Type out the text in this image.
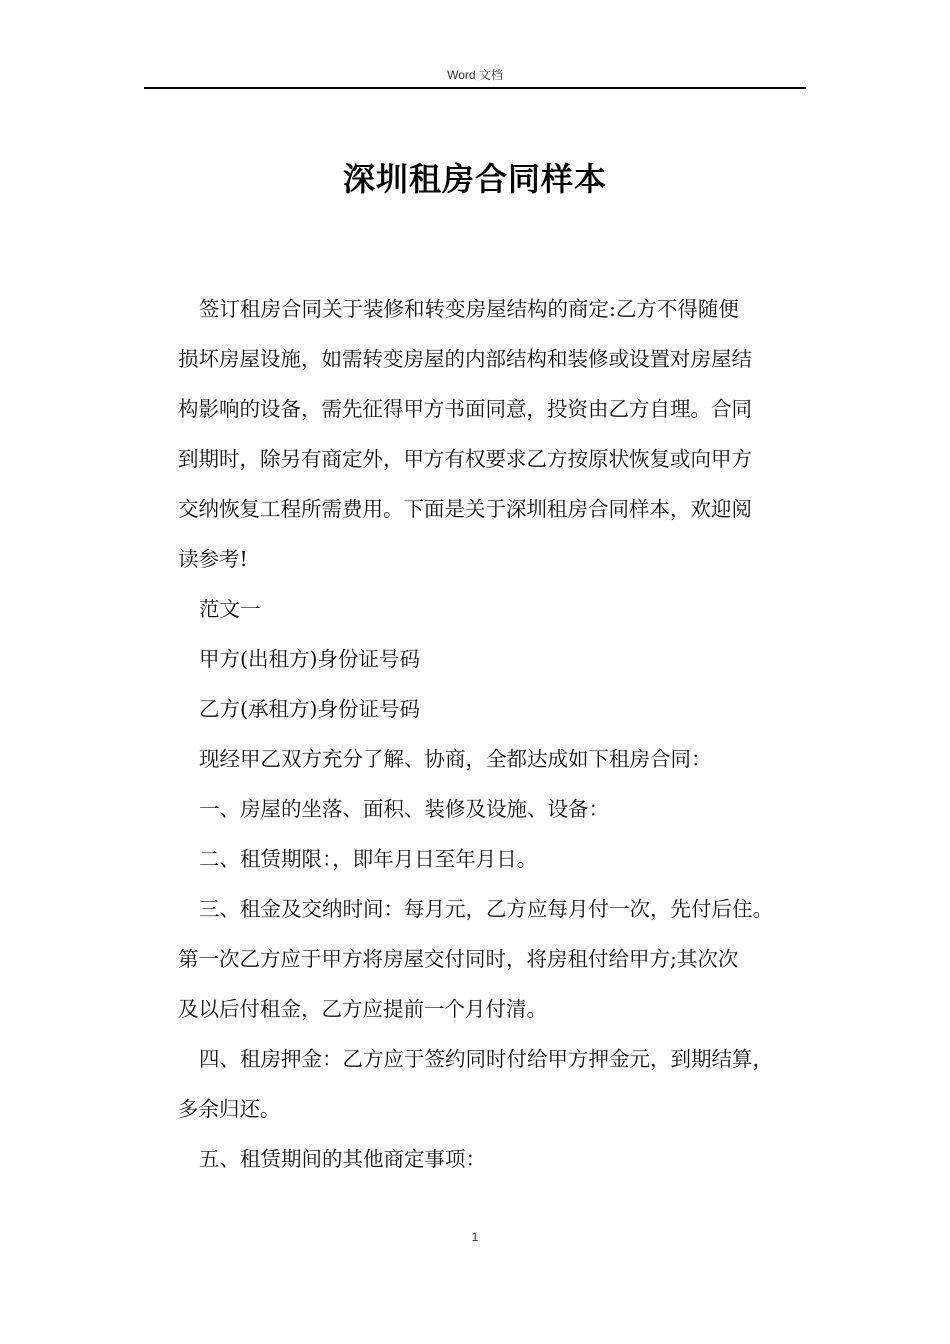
Word 文档
深圳租房合同样本

签订租房合同关于装修和转变房屋结构的商定:乙方不得随便

损坏房屋设施，如需转变房屋的内部结构和装修或设置对房屋结

构影响的设备，需先征得甲方书面同意，投资由乙方自理。合同

到期时，除另有商定外，甲方有权要求乙方按原状恢复或向甲方

交纳恢复工程所需费用。下面是关于深圳租房合同样本，欢迎阅

读参考!

范文一

甲方(出租方)身份证号码

乙方(承租方)身份证号码

现经甲乙双方充分了解、协商，全都达成如下租房合同：

一、房屋的坐落、面积、装修及设施、设备：

二、租赁期限：，即年月日至年月日。

三、租金及交纳时间：每月元，乙方应每月付一次，先付后住。

第一次乙方应于甲方将房屋交付同时，将房租付给甲方;其次次

及以后付租金，乙方应提前一个月付清。

四、租房押金：乙方应于签约同时付给甲方押金元，到期结算，

多余归还。

五、租赁期间的其他商定事项：

1
